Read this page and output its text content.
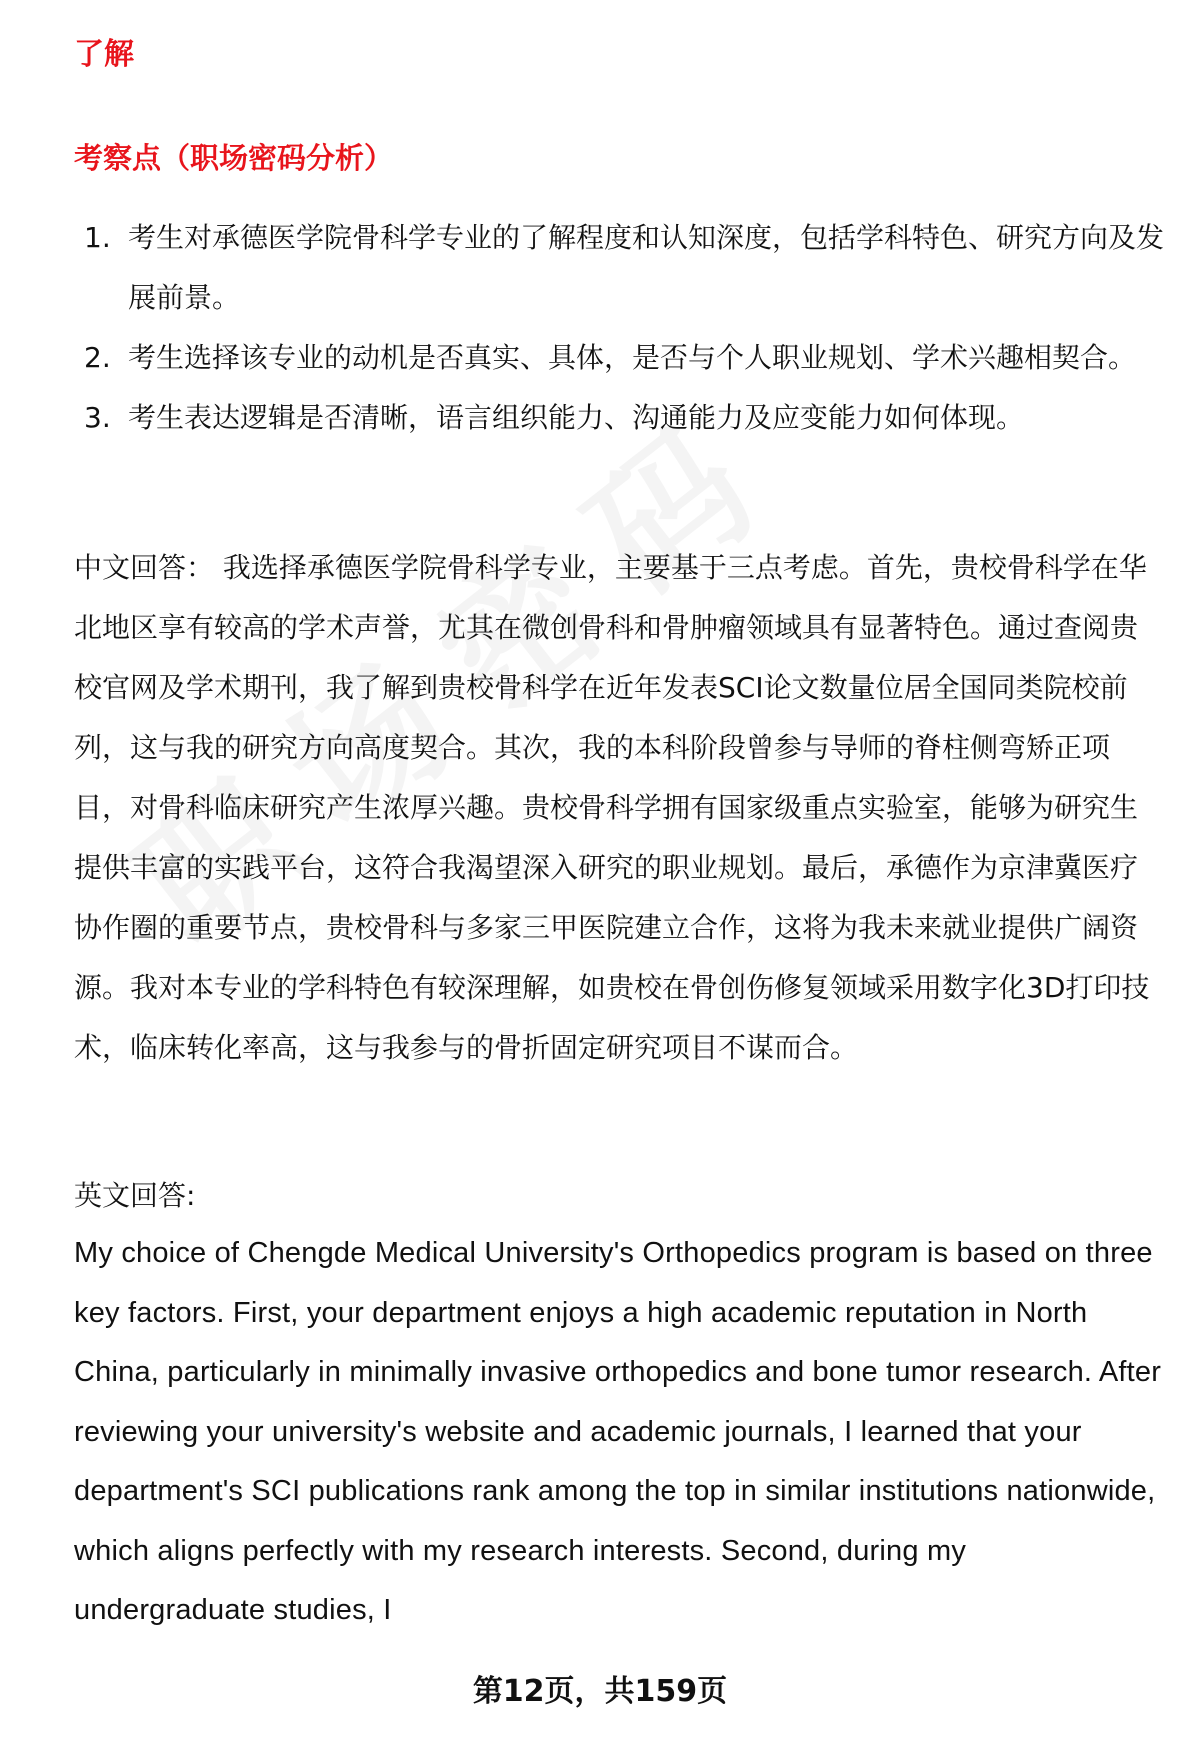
了解

考察点（职场密码分析）
1. 考生对承德医学院骨科学专业的了解程度和认知深度，包括学科特色、研究方向及发展前景。
2. 考生选择该专业的动机是否真实、具体，是否与个人职业规划、学术兴趣相契合。
3. 考生表达逻辑是否清晰，语言组织能力、沟通能力及应变能力如何体现。

中文回答： 我选择承德医学院骨科学专业，主要基于三点考虑。首先，贵校骨科学在华北地区享有较高的学术声誉，尤其在微创骨科和骨肿瘤领域具有显著特色。通过查阅贵校官网及学术期刊，我了解到贵校骨科学在近年发表SCI论文数量位居全国同类院校前列，这与我的研究方向高度契合。其次，我的本科阶段曾参与导师的脊柱侧弯矫正项目，对骨科临床研究产生浓厚兴趣。贵校骨科学拥有国家级重点实验室，能够为研究生提供丰富的实践平台，这符合我渴望深入研究的职业规划。最后，承德作为京津冀医疗协作圈的重要节点，贵校骨科与多家三甲医院建立合作，这将为我未来就业提供广阔资源。我对本专业的学科特色有较深理解，如贵校在骨创伤修复领域采用数字化3D打印技术，临床转化率高，这与我参与的骨折固定研究项目不谋而合。

英文回答:

My choice of Chengde Medical University's Orthopedics program is based on three key factors. First, your department enjoys a high academic reputation in North China, particularly in minimally invasive orthopedics and bone tumor research. After reviewing your university's website and academic journals, I learned that your department's SCI publications rank among the top in similar institutions nationwide, which aligns perfectly with my research interests. Second, during my undergraduate studies, I

第12页，共159页
